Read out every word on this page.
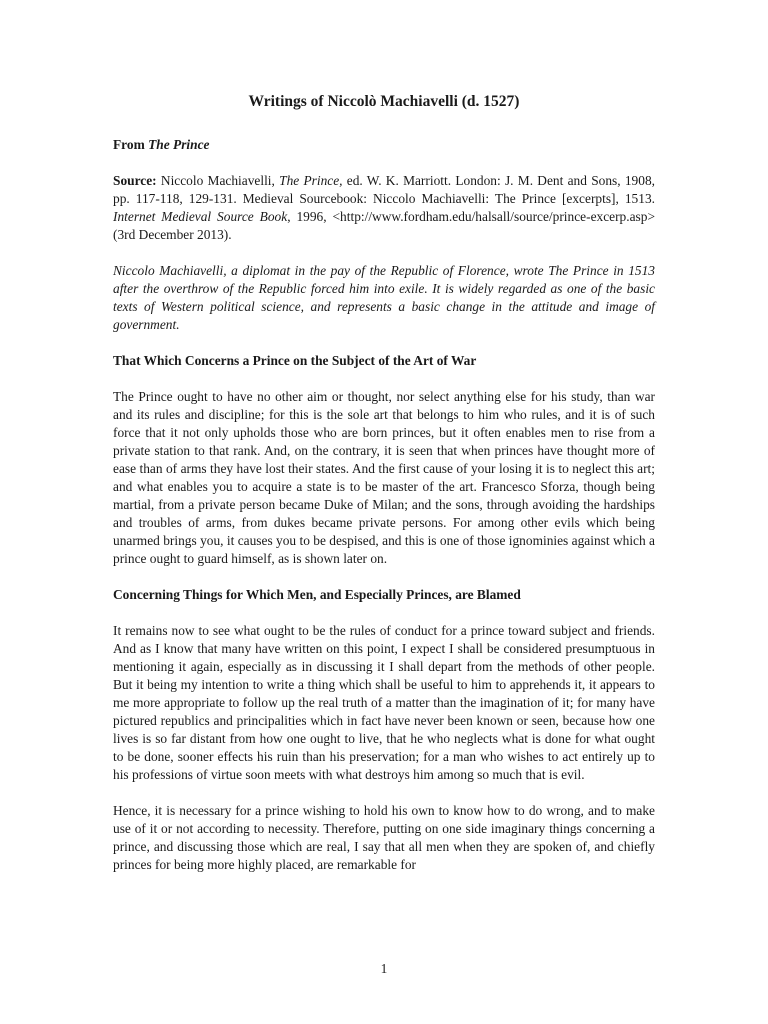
Writings of Niccolò Machiavelli (d. 1527)
From The Prince
Source: Niccolo Machiavelli, The Prince, ed. W. K. Marriott. London: J. M. Dent and Sons, 1908, pp. 117-118, 129-131. Medieval Sourcebook: Niccolo Machiavelli: The Prince [excerpts], 1513. Internet Medieval Source Book, 1996, <http://www.fordham.edu/halsall/source/prince-excerp.asp> (3rd December 2013).
Niccolo Machiavelli, a diplomat in the pay of the Republic of Florence, wrote The Prince in 1513 after the overthrow of the Republic forced him into exile. It is widely regarded as one of the basic texts of Western political science, and represents a basic change in the attitude and image of government.
That Which Concerns a Prince on the Subject of the Art of War
The Prince ought to have no other aim or thought, nor select anything else for his study, than war and its rules and discipline; for this is the sole art that belongs to him who rules, and it is of such force that it not only upholds those who are born princes, but it often enables men to rise from a private station to that rank. And, on the contrary, it is seen that when princes have thought more of ease than of arms they have lost their states. And the first cause of your losing it is to neglect this art; and what enables you to acquire a state is to be master of the art. Francesco Sforza, though being martial, from a private person became Duke of Milan; and the sons, through avoiding the hardships and troubles of arms, from dukes became private persons. For among other evils which being unarmed brings you, it causes you to be despised, and this is one of those ignominies against which a prince ought to guard himself, as is shown later on.
Concerning Things for Which Men, and Especially Princes, are Blamed
It remains now to see what ought to be the rules of conduct for a prince toward subject and friends. And as I know that many have written on this point, I expect I shall be considered presumptuous in mentioning it again, especially as in discussing it I shall depart from the methods of other people. But it being my intention to write a thing which shall be useful to him to apprehends it, it appears to me more appropriate to follow up the real truth of a matter than the imagination of it; for many have pictured republics and principalities which in fact have never been known or seen, because how one lives is so far distant from how one ought to live, that he who neglects what is done for what ought to be done, sooner effects his ruin than his preservation; for a man who wishes to act entirely up to his professions of virtue soon meets with what destroys him among so much that is evil.
Hence, it is necessary for a prince wishing to hold his own to know how to do wrong, and to make use of it or not according to necessity. Therefore, putting on one side imaginary things concerning a prince, and discussing those which are real, I say that all men when they are spoken of, and chiefly princes for being more highly placed, are remarkable for
1
